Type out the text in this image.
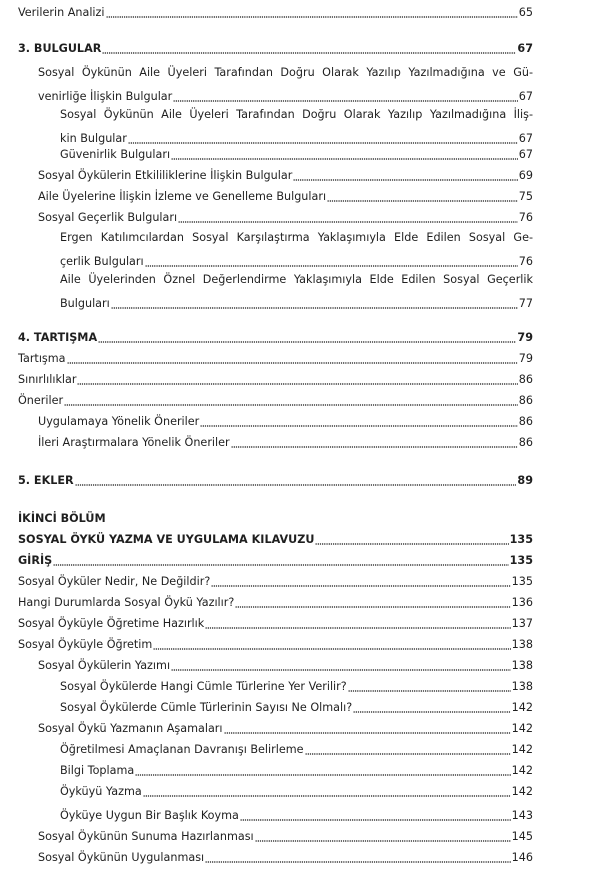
Verilerin Analizi	65
3. BULGULAR	67
Sosyal Öykünün Aile Üyeleri Tarafından Doğru Olarak Yazılıp Yazılmadığına ve Gü-
venirliğe İlişkin Bulgular	67
Sosyal Öykünün Aile Üyeleri Tarafından Doğru Olarak Yazılıp Yazılmadığına İliş-
kin Bulgular	67
Güvenirlik Bulguları	67
Sosyal Öykülerin Etkililiklerine İlişkin Bulgular	69
Aile Üyelerine İlişkin İzleme ve Genelleme Bulguları	75
Sosyal Geçerlik Bulguları	76
Ergen Katılımcılardan Sosyal Karşılaştırma Yaklaşımıyla Elde Edilen Sosyal Ge-
çerlik Bulguları	76
Aile Üyelerinden Öznel Değerlendirme Yaklaşımıyla Elde Edilen Sosyal Geçerlik
Bulguları	77
4. TARTIŞMA	79
Tartışma	79
Sınırlılıklar	86
Öneriler	86
Uygulamaya Yönelik Öneriler	86
İleri Araştırmalara Yönelik Öneriler	86
5. EKLER	89
İKİNCİ BÖLÜM
SOSYAL ÖYKÜ YAZMA VE UYGULAMA KILAVUZU	135
GİRİŞ	135
Sosyal Öyküler Nedir, Ne Değildir?	135
Hangi Durumlarda Sosyal Öykü Yazılır?	136
Sosyal Öyküyle Öğretime Hazırlık	137
Sosyal Öyküyle Öğretim	138
Sosyal Öykülerin Yazımı	138
Sosyal Öykülerde Hangi Cümle Türlerine Yer Verilir?	138
Sosyal Öykülerde Cümle Türlerinin Sayısı Ne Olmalı?	142
Sosyal Öykü Yazmanın Aşamaları	142
Öğretilmesi Amaçlanan Davranışı Belirleme	142
Bilgi Toplama	142
Öyküyü Yazma	142
Öyküye Uygun Bir Başlık Koyma	143
Sosyal Öykünün Sunuma Hazırlanması	145
Sosyal Öykünün Uygulanması	146
